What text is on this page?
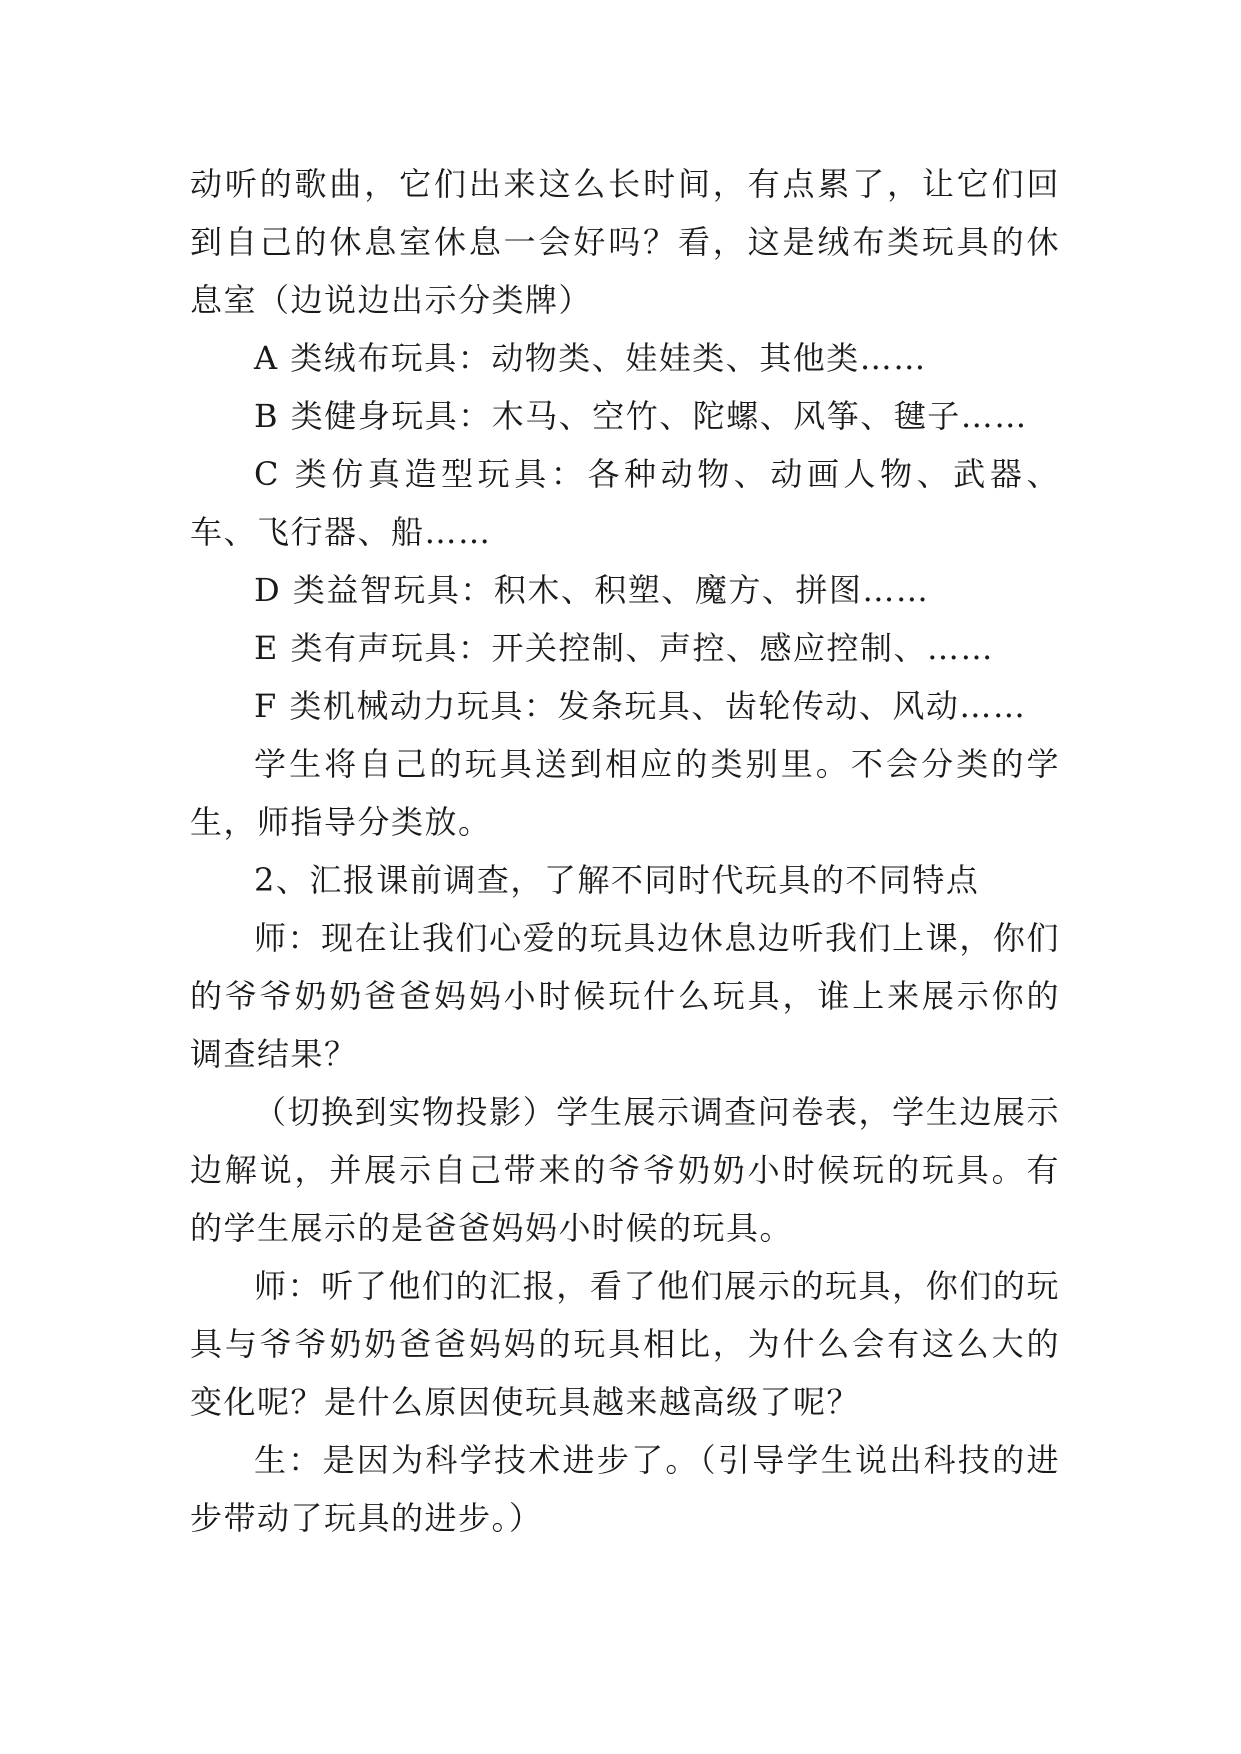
动听的歌曲，它们出来这么长时间，有点累了，让它们回到自己的休息室休息一会好吗？看，这是绒布类玩具的休息室（边说边出示分类牌）

A 类绒布玩具：动物类、娃娃类、其他类……

B 类健身玩具：木马、空竹、陀螺、风筝、毽子……

C 类仿真造型玩具：各种动物、动画人物、武器、车、飞行器、船……

D 类益智玩具：积木、积塑、魔方、拼图……

E 类有声玩具：开关控制、声控、感应控制、……

F 类机械动力玩具：发条玩具、齿轮传动、风动……

学生将自己的玩具送到相应的类别里。不会分类的学生，师指导分类放。

2、汇报课前调查，了解不同时代玩具的不同特点

师：现在让我们心爱的玩具边休息边听我们上课，你们的爷爷奶奶爸爸妈妈小时候玩什么玩具，谁上来展示你的调查结果？

（切换到实物投影）学生展示调查问卷表，学生边展示边解说，并展示自己带来的爷爷奶奶小时候玩的玩具。有的学生展示的是爸爸妈妈小时候的玩具。

师：听了他们的汇报，看了他们展示的玩具，你们的玩具与爷爷奶奶爸爸妈妈的玩具相比，为什么会有这么大的变化呢？是什么原因使玩具越来越高级了呢？

生：是因为科学技术进步了。（引导学生说出科技的进步带动了玩具的进步。）
